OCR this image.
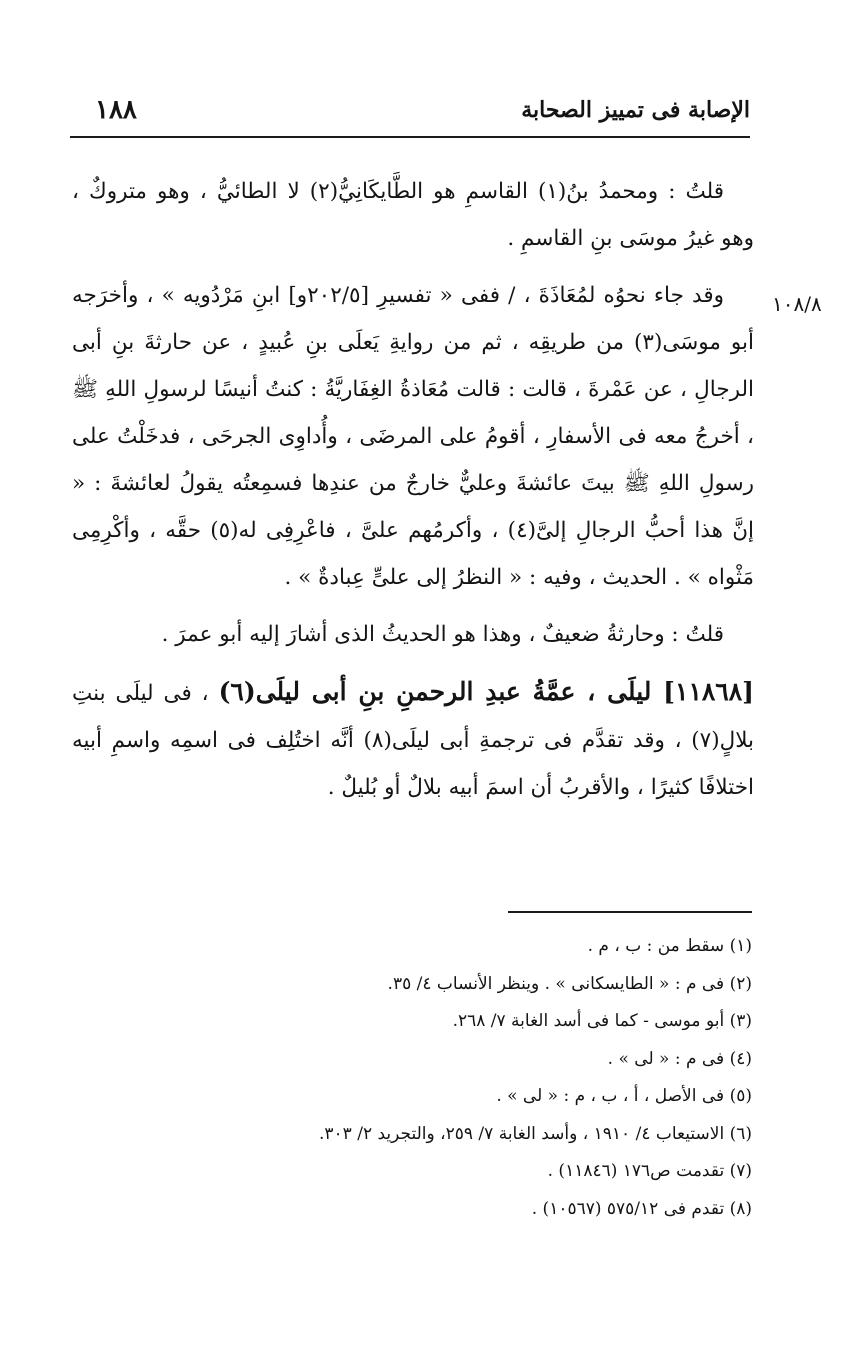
الإصابة فى تمييز الصحابة
١٨٨
١٠٨/٨

قلتُ : ومحمدُ بنُ(١) القاسمِ هو الطَّايكَانِيُّ(٢) لا الطائيُّ ، وهو متروكٌ ، وهو غيرُ موسَى بنِ القاسمِ .

وقد جاء نحوُه لمُعَاذَةَ ، / ففى « تفسيرِ [٢٠٢/٥و] ابنِ مَرْدُويه » ، وأخرَجه أبو موسَى(٣) من طريقِه ، ثم من روايةِ يَعلَى بنِ عُبيدٍ ، عن حارثةَ بنِ أبى الرجالِ ، عن عَمْرةَ ، قالت : قالت مُعَاذةُ الغِفَاريَّةُ : كنتُ أنيسًا لرسولِ اللهِ ﷺ ، أخرجُ معه فى الأسفارِ ، أقومُ على المرضَى ، وأُداوِى الجرحَى ، فدخَلْتُ على رسولِ اللهِ ﷺ بيتَ عائشةَ وعليٌّ خارجٌ من عندِها فسمِعتُه يقولُ لعائشةَ : « إنَّ هذا أحبُّ الرجالِ إلىَّ(٤) ، وأكرمُهم علىَّ ، فاعْرِفِى له(٥) حقَّه ، وأكْرِمِى مَثْواه » . الحديث ، وفيه : « النظرُ إلى علىٍّ عِبادةٌ » .

قلتُ : وحارثةُ ضعيفٌ ، وهذا هو الحديثُ الذى أشارَ إليه أبو عمرَ .

[١١٨٦٨] ليلَى ، عمَّةُ عبدِ الرحمنِ بنِ أبى ليلَى(٦) ، فى ليلَى بنتِ بلالٍ(٧) ، وقد تقدَّم فى ترجمةِ أبى ليلَى(٨) أنَّه اختُلِف فى اسمِه واسمِ أبيه اختلافًا كثيرًا ، والأقربُ أن اسمَ أبيه بلالٌ أو بُليلٌ .

(١) سقط من : ب ، م .
(٢) فى م : « الطايسكانى » . وينظر الأنساب ٤/ ٣٥.
(٣) أبو موسى - كما فى أسد الغابة ٧/ ٢٦٨.
(٤) فى م : « لى » .
(٥) فى الأصل ، أ ، ب ، م : « لى » .
(٦) الاستيعاب ٤/ ١٩١٠ ، وأسد الغابة ٧/ ٢٥٩، والتجريد ٢/ ٣٠٣.
(٧) تقدمت ص١٧٦ (١١٨٤٦) .
(٨) تقدم فى ٥٧٥/١٢ (١٠٥٦٧) .
